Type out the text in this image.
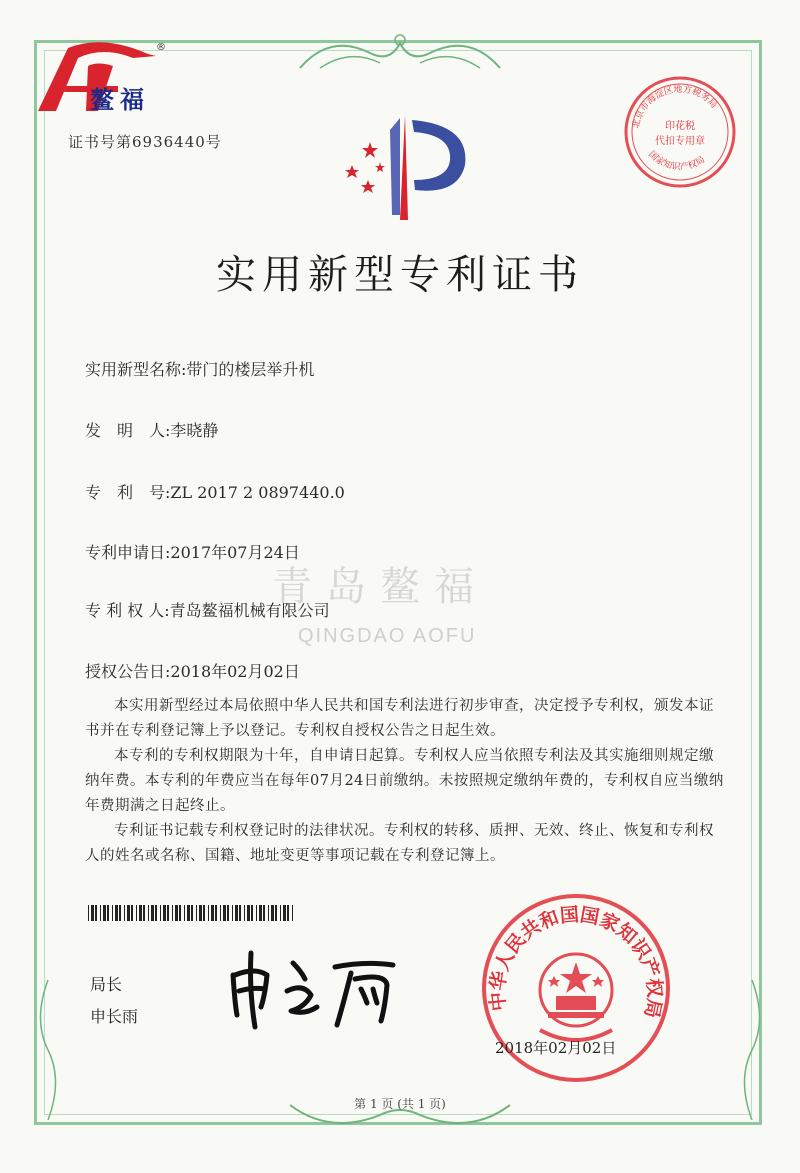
®
鳌福
证书号第6936440号
北京市海淀区地方税务局
印花税
代扣专用章
国家知识产权局
实用新型专利证书
实用新型名称:带门的楼层举升机
发　明　人:李晓静
专　利　号:ZL 2017 2 0897440.0
专利申请日:2017年07月24日
青岛鳌福
QINGDAO AOFU
专 利 权 人:青岛鳌福机械有限公司
授权公告日:2018年02月02日
本实用新型经过本局依照中华人民共和国专利法进行初步审查，决定授予专利权，颁发本证书并在专利登记簿上予以登记。专利权自授权公告之日起生效。
本专利的专利权期限为十年，自申请日起算。专利权人应当依照专利法及其实施细则规定缴纳年费。本专利的年费应当在每年07月24日前缴纳。未按照规定缴纳年费的，专利权自应当缴纳年费期满之日起终止。
专利证书记载专利权登记时的法律状况。专利权的转移、质押、无效、终止、恢复和专利权人的姓名或名称、国籍、地址变更等事项记载在专利登记簿上。
局长
申长雨
中华人民共和国国家知识产权局
2018年02月02日
第 1 页 (共 1 页)
